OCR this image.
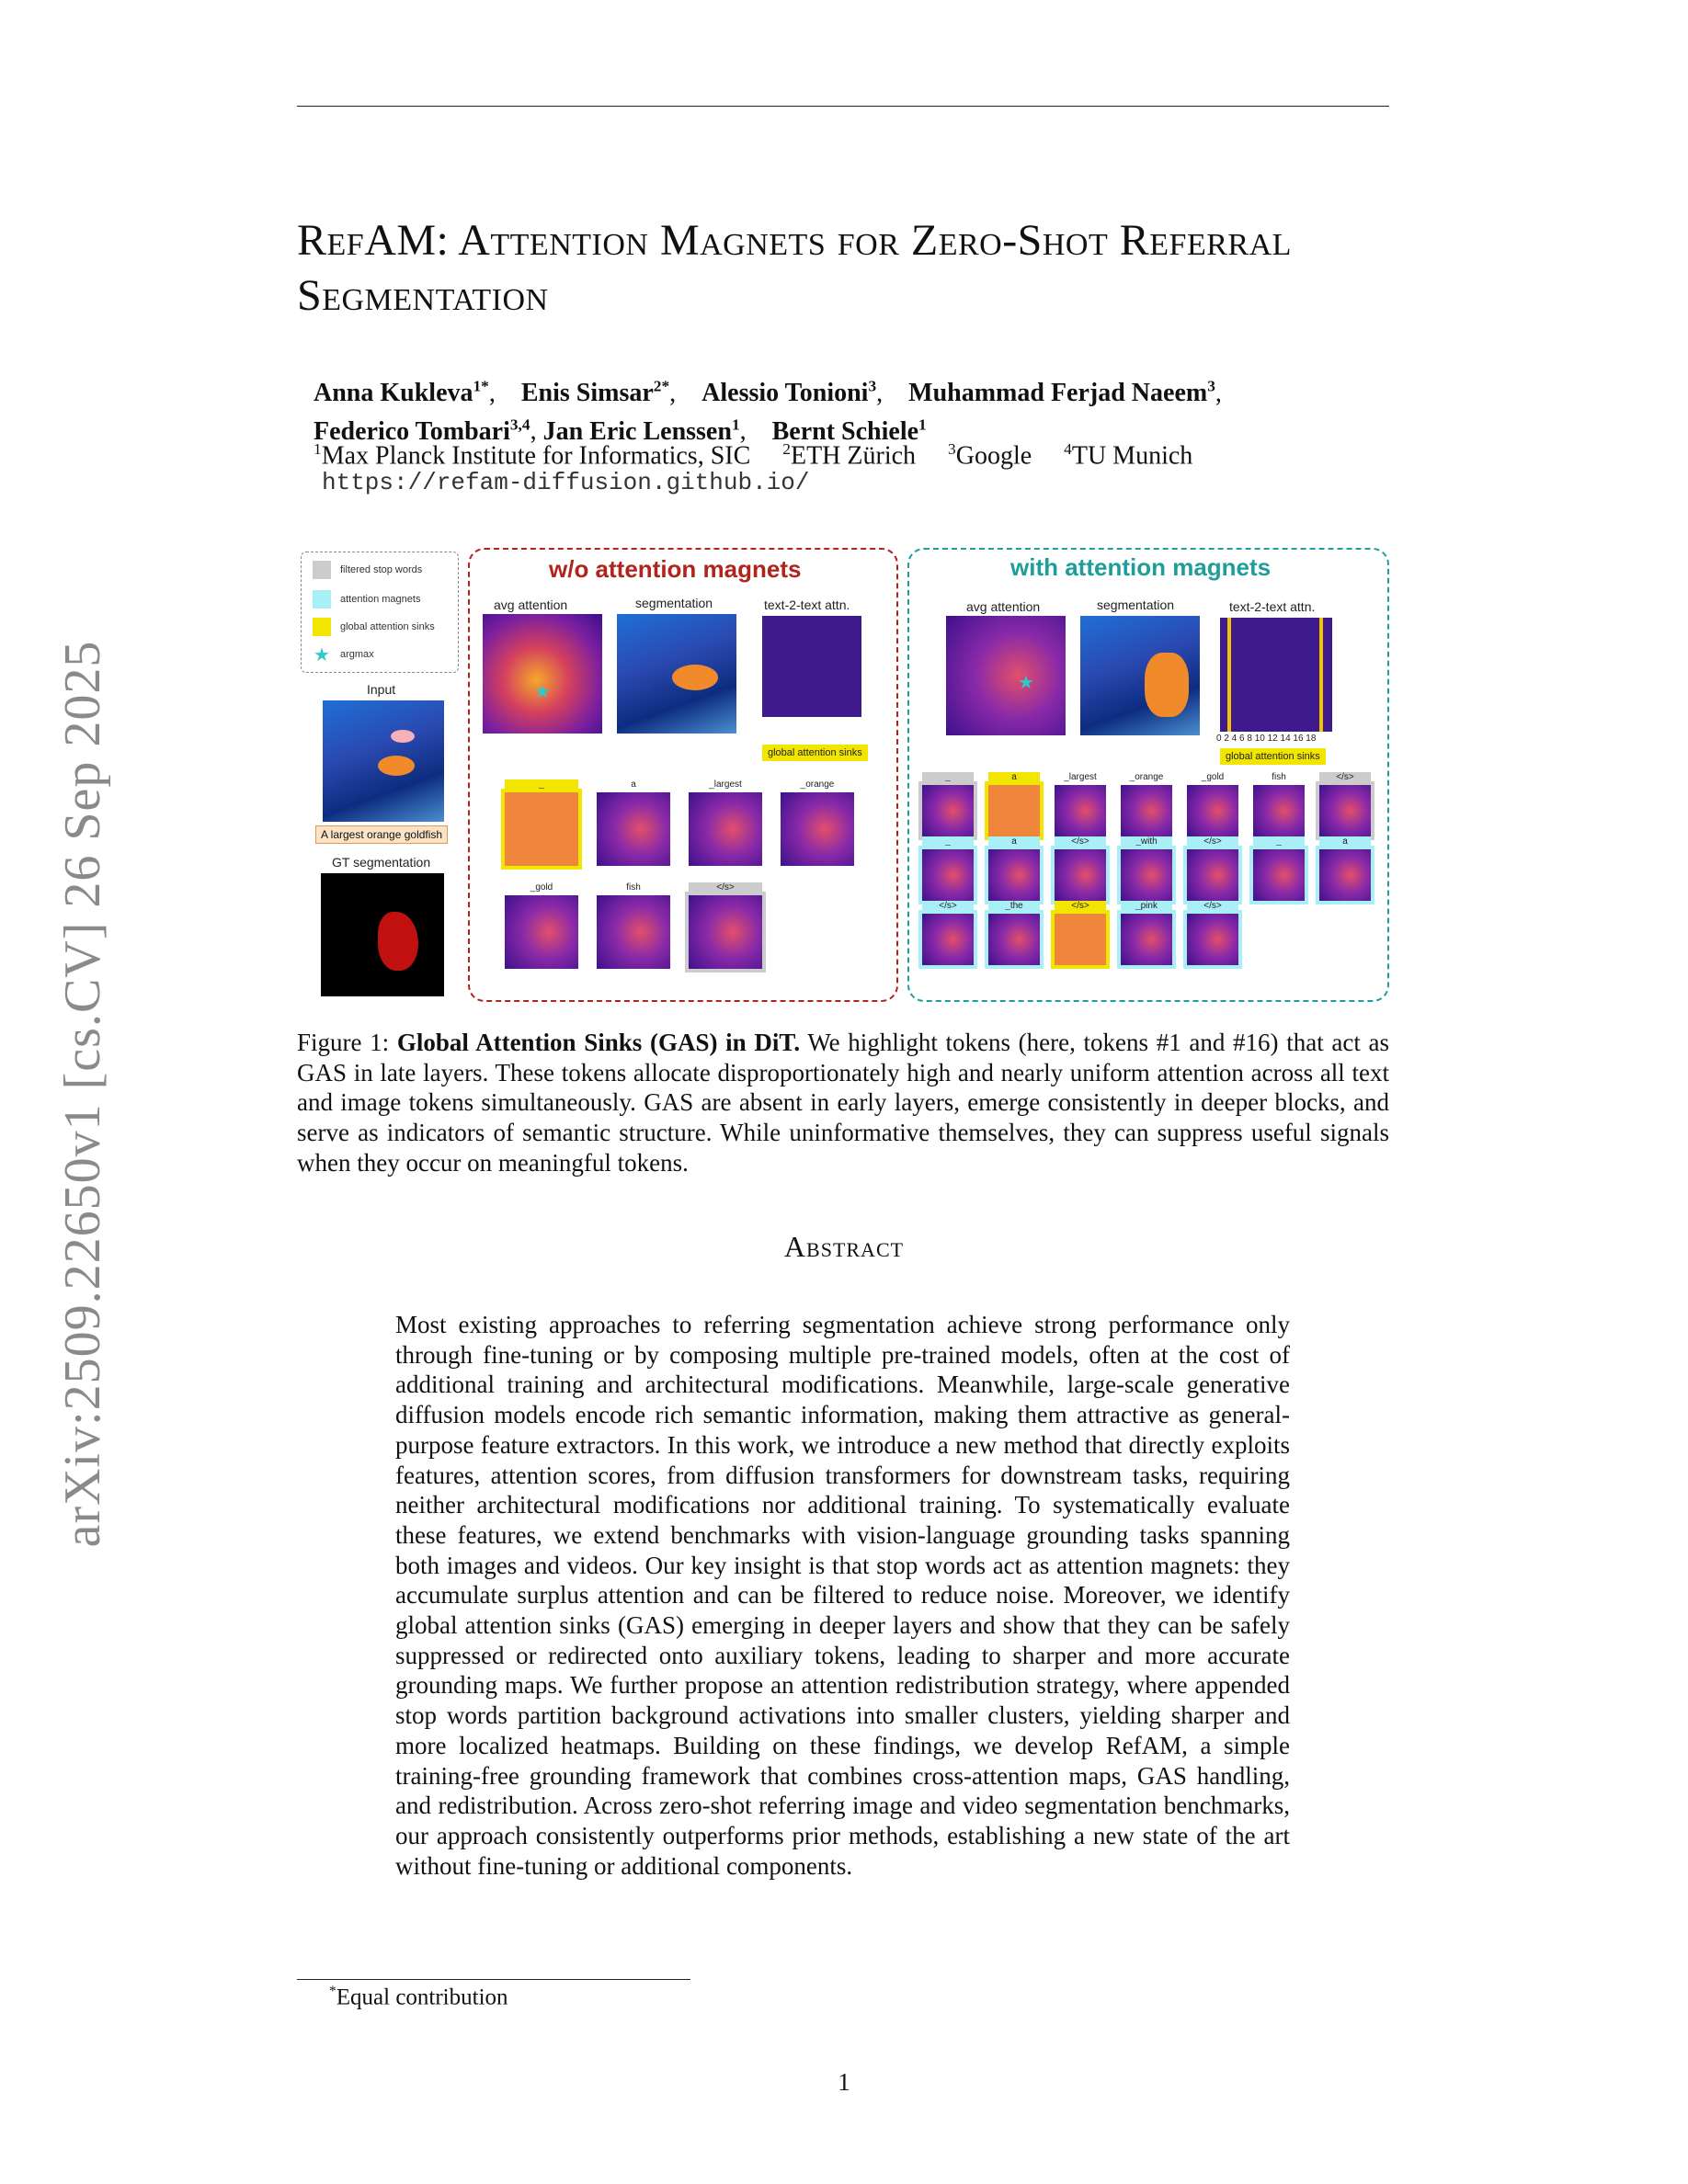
arXiv:2509.22650v1 [cs.CV] 26 Sep 2025
RefAM: Attention Magnets for Zero-Shot Referral Segmentation
Anna Kukleva$^{1*}$,    Enis Simsar$^{2*}$,    Alessio Tonioni$^3$,    Muhammad Ferjad Naeem$^3$,
Federico Tombari$^{3,4}$, Jan Eric Lenssen$^1$,    Bernt Schiele$^1$
$^1$Max Planck Institute for Informatics, SIC $^2$ETH Zürich $^3$Google $^4$TU Munich
https://refam-diffusion.github.io/
filtered stop words
attention magnets
global attention sinks
★ argmax
Input
A largest orange goldfish
GT segmentation
w/o attention magnets
avg attention	segmentation	text-2-text attn.
★
global attention sinks
_	a	_largest	_orange
_gold	fish	</s>
with attention magnets
avg attention	segmentation	text-2-text attn.
★
0 2 4 6 8 10 12 14 16 18
global attention sinks
_	a	_largest	_orange	_gold	fish	</s>
_	a	</s>	_with	</s>	_	a
</s>	_the	</s>	_pink	</s>
Figure 1: Global Attention Sinks (GAS) in DiT. We highlight tokens (here, tokens #1 and #16) that act as GAS in late layers. These tokens allocate disproportionately high and nearly uniform attention across all text and image tokens simultaneously. GAS are absent in early layers, emerge consistently in deeper blocks, and serve as indicators of semantic structure. While uninformative themselves, they can suppress useful signals when they occur on meaningful tokens.
Abstract
Most existing approaches to referring segmentation achieve strong performance only through fine-tuning or by composing multiple pre-trained models, often at the cost of additional training and architectural modifications. Meanwhile, large-scale generative diffusion models encode rich semantic information, making them attractive as general-purpose feature extractors. In this work, we introduce a new method that directly exploits features, attention scores, from diffusion transformers for downstream tasks, requiring neither architectural modifications nor additional training. To systematically evaluate these features, we extend benchmarks with vision-language grounding tasks spanning both images and videos. Our key insight is that stop words act as attention magnets: they accumulate surplus attention and can be filtered to reduce noise. Moreover, we identify global attention sinks (GAS) emerging in deeper layers and show that they can be safely suppressed or redirected onto auxiliary tokens, leading to sharper and more accurate grounding maps. We further propose an attention redistribution strategy, where appended stop words partition background activations into smaller clusters, yielding sharper and more localized heatmaps. Building on these findings, we develop RefAM, a simple training-free grounding framework that combines cross-attention maps, GAS handling, and redistribution. Across zero-shot referring image and video segmentation benchmarks, our approach consistently outperforms prior methods, establishing a new state of the art without fine-tuning or additional components.
*Equal contribution
1
